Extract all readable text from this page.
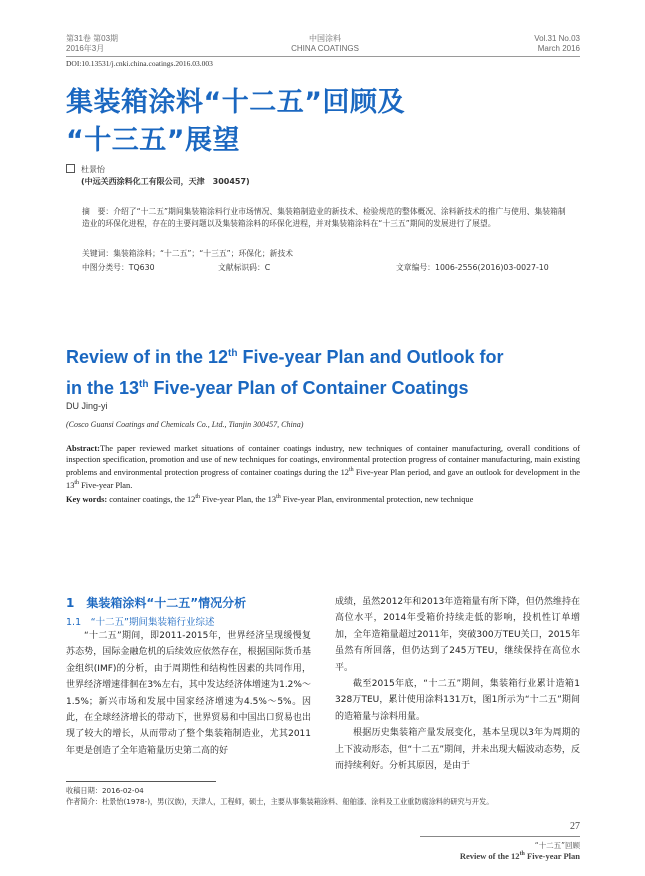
第31卷 第03期
2016年3月
中国涂料
CHINA COATINGS
Vol.31 No.03
March 2016
DOI:10.13531/j.cnki.china.coatings.2016.03.003
集装箱涂料“十二五”回顾及
“十三五”展望
杜景怡
(中远关西涂料化工有限公司，天津　300457)
摘　要：介绍了“十二五”期间集装箱涂料行业市场情况、集装箱制造业的新技术、检验规范的整体概况、涂料新技术的推广与使用、集装箱制造业的环保化进程，存在的主要问题以及集装箱涂料的环保化进程，并对集装箱涂料在“十三五”期间的发展进行了展望。
关键词：集装箱涂料；“十二五”；“十三五”；环保化；新技术
中图分类号：TQ630	文献标识码：C	文章编号：1006-2556(2016)03-0027-10
Review of in the 12th Five-year Plan and Outlook for
in the 13th Five-year Plan of Container Coatings
DU Jing-yi
(Cosco Guansi Coatings and Chemicals Co., Ltd., Tianjin 300457, China)
Abstract:The paper reviewed market situations of container coatings industry, new techniques of container manufacturing, overall conditions of inspection specification, promotion and use of new techniques for coatings, environmental protection progress of container manufacturing, main existing problems and environmental protection progress of container coatings during the 12th Five-year Plan period, and gave an outlook for development in the 13th Five-year Plan.
Key words: container coatings, the 12th Five-year Plan, the 13th Five-year Plan, environmental protection, new technique
1　集装箱涂料“十二五”情况分析
1.1　“十二五”期间集装箱行业综述

“十二五”期间，即2011-2015年，世界经济呈现缓慢复苏态势，国际金融危机的后续效应依然存在，根据国际货币基金组织(IMF)的分析，由于周期性和结构性因素的共同作用，世界经济增速徘徊在3%左右，其中发达经济体增速为1.2%～1.5%；新兴市场和发展中国家经济增速为4.5%～5%。因此，在全球经济增长的带动下，世界贸易和中国出口贸易也出现了较大的增长，从而带动了整个集装箱制造业，尤其2011年更是创造了全年造箱量历史第二高的好

成绩，虽然2012年和2013年造箱量有所下降，但仍然维持在高位水平，2014年受箱价持续走低的影响，投机性订单增加，全年造箱量超过2011年，突破300万TEU关口，2015年虽然有所回落，但仍达到了245万TEU，继续保持在高位水平。

截至2015年底，“十二五”期间，集装箱行业累计造箱1 328万TEU，累计使用涂料131万t，图1所示为“十二五”期间的造箱量与涂料用量。

根据历史集装箱产量发展变化，基本呈现以3年为周期的上下波动形态，但“十二五”期间，并未出现大幅波动态势，反而持续利好。分析其原因，是由于

收稿日期：2016-02-04
作者简介：杜景怡(1978-)，男(汉族)，天津人，工程师，硕士，主要从事集装箱涂料、船舶漆、涂料及工业重防腐涂料的研究与开发。
27
“十二五”回顾
Review of the 12th Five-year Plan
